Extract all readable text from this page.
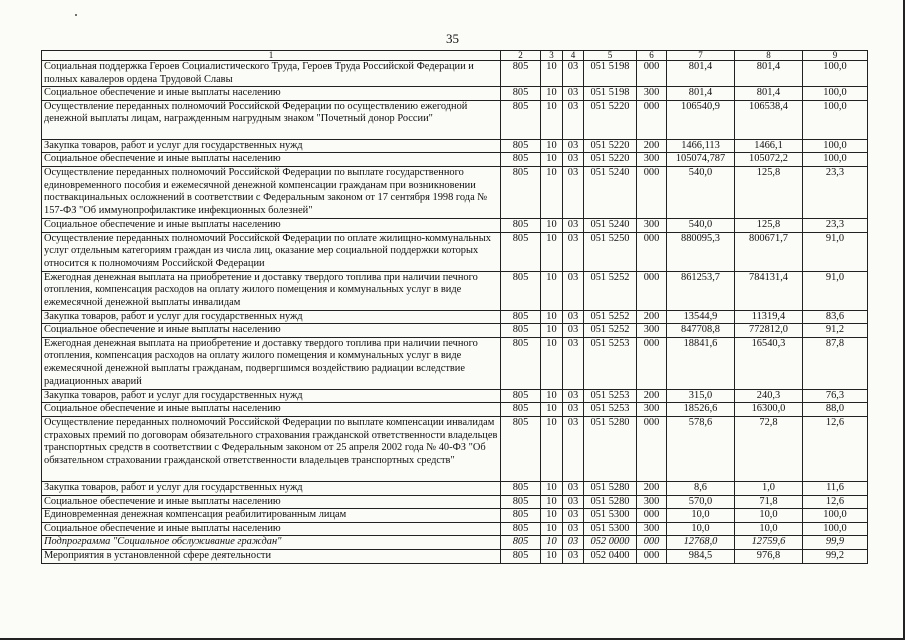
35
1	2	3	4	5	6	7	8	9
Социальная поддержка Героев Социалистического Труда, Героев Труда Российской Федерации и полных кавалеров ордена Трудовой Славы	805	10	03	051 5198	000	801,4	801,4	100,0
Социальное обеспечение и иные выплаты населению	805	10	03	051 5198	300	801,4	801,4	100,0
Осуществление переданных полномочий Российской Федерации по осуществлению ежегодной денежной выплаты лицам, награжденным нагрудным знаком "Почетный донор России"	805	10	03	051 5220	000	106540,9	106538,4	100,0
Закупка товаров, работ и услуг для государственных нужд	805	10	03	051 5220	200	1466,113	1466,1	100,0
Социальное обеспечение и иные выплаты населению	805	10	03	051 5220	300	105074,787	105072,2	100,0
Осуществление переданных полномочий Российской Федерации по выплате государственного единовременного пособия и ежемесячной денежной компенсации гражданам при возникновении поствакцинальных осложнений в соответствии с Федеральным законом от 17 сентября 1998 года № 157-ФЗ "Об иммунопрофилактике инфекционных болезней"	805	10	03	051 5240	000	540,0	125,8	23,3
Социальное обеспечение и иные выплаты населению	805	10	03	051 5240	300	540,0	125,8	23,3
Осуществление переданных полномочий Российской Федерации по оплате жилищно-коммунальных услуг отдельным категориям граждан из числа лиц, оказание мер социальной поддержки которых относится к полномочиям Российской Федерации	805	10	03	051 5250	000	880095,3	800671,7	91,0
Ежегодная денежная выплата на приобретение и доставку твердого топлива при наличии печного отопления, компенсация расходов на оплату жилого помещения и коммунальных услуг в виде ежемесячной денежной выплаты инвалидам	805	10	03	051 5252	000	861253,7	784131,4	91,0
Закупка товаров, работ и услуг для государственных нужд	805	10	03	051 5252	200	13544,9	11319,4	83,6
Социальное обеспечение и иные выплаты населению	805	10	03	051 5252	300	847708,8	772812,0	91,2
Ежегодная денежная выплата на приобретение и доставку твердого топлива при наличии печного отопления, компенсация расходов на оплату жилого помещения и коммунальных услуг в виде ежемесячной денежной выплаты гражданам, подвергшимся воздействию радиации вследствие радиационных аварий	805	10	03	051 5253	000	18841,6	16540,3	87,8
Закупка товаров, работ и услуг для государственных нужд	805	10	03	051 5253	200	315,0	240,3	76,3
Социальное обеспечение и иные выплаты населению	805	10	03	051 5253	300	18526,6	16300,0	88,0
Осуществление переданных полномочий Российской Федерации по выплате компенсации инвалидам страховых премий по договорам обязательного страхования гражданской ответственности владельцев транспортных средств в соответствии с Федеральным законом от 25 апреля 2002 года № 40-ФЗ "Об обязательном страховании гражданской ответственности владельцев транспортных средств"	805	10	03	051 5280	000	578,6	72,8	12,6
Закупка товаров, работ и услуг для государственных нужд	805	10	03	051 5280	200	8,6	1,0	11,6
Социальное обеспечение и иные выплаты населению	805	10	03	051 5280	300	570,0	71,8	12,6
Единовременная денежная компенсация реабилитированным лицам	805	10	03	051 5300	000	10,0	10,0	100,0
Социальное обеспечение и иные выплаты населению	805	10	03	051 5300	300	10,0	10,0	100,0
Подпрограмма "Социальное обслуживание граждан"	805	10	03	052 0000	000	12768,0	12759,6	99,9
Мероприятия в установленной сфере деятельности	805	10	03	052 0400	000	984,5	976,8	99,2
